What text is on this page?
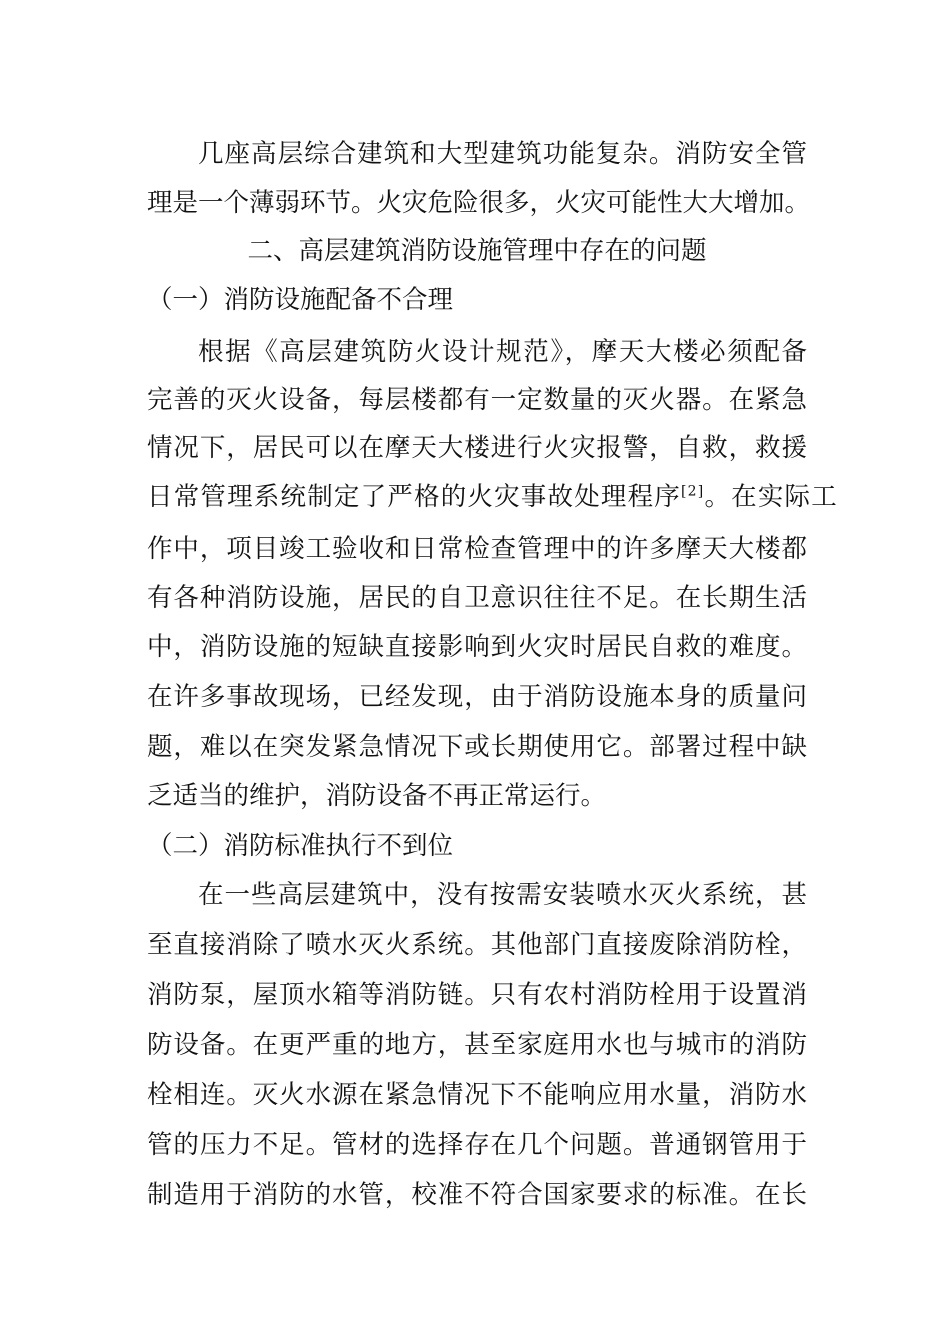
几座高层综合建筑和大型建筑功能复杂。消防安全管
理是一个薄弱环节。火灾危险很多，火灾可能性大大增加。
二、高层建筑消防设施管理中存在的问题
（一）消防设施配备不合理
根据《高层建筑防火设计规范》，摩天大楼必须配备
完善的灭火设备，每层楼都有一定数量的灭火器。在紧急
情况下，居民可以在摩天大楼进行火灾报警，自救，救援
日常管理系统制定了严格的火灾事故处理程序[2]。在实际工
作中，项目竣工验收和日常检查管理中的许多摩天大楼都
有各种消防设施，居民的自卫意识往往不足。在长期生活
中，消防设施的短缺直接影响到火灾时居民自救的难度。
在许多事故现场，已经发现，由于消防设施本身的质量问
题，难以在突发紧急情况下或长期使用它。部署过程中缺
乏适当的维护，消防设备不再正常运行。
（二）消防标准执行不到位
在一些高层建筑中，没有按需安装喷水灭火系统，甚
至直接消除了喷水灭火系统。其他部门直接废除消防栓，
消防泵，屋顶水箱等消防链。只有农村消防栓用于设置消
防设备。在更严重的地方，甚至家庭用水也与城市的消防
栓相连。灭火水源在紧急情况下不能响应用水量，消防水
管的压力不足。管材的选择存在几个问题。普通钢管用于
制造用于消防的水管，校准不符合国家要求的标准。在长
